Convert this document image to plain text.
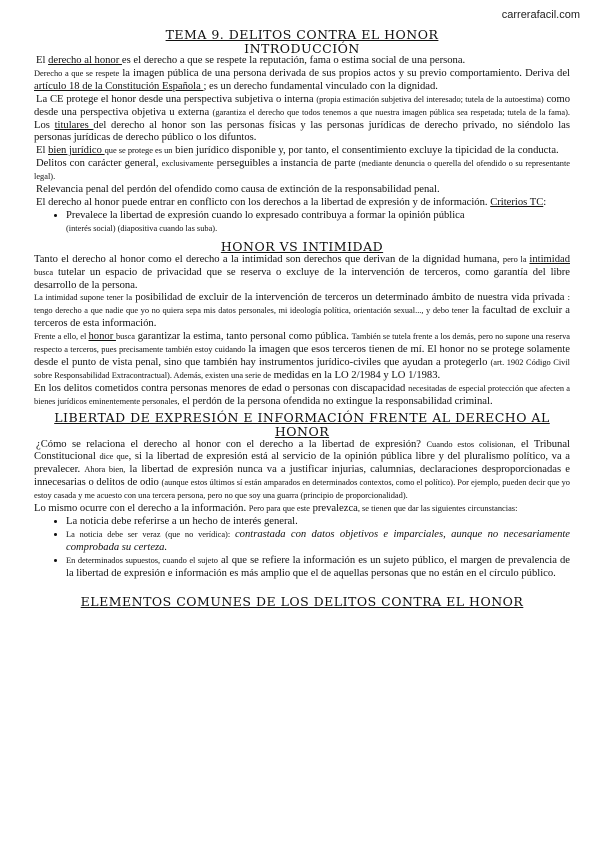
carrerafacil.com
TEMA 9. DELITOS CONTRA EL HONOR
INTRODUCCIÓN

El derecho al honor es el derecho a que se respete la reputación, fama o estima social de una persona.

Derecho a que se respete la imagen pública de una persona derivada de sus propios actos y su previo comportamiento. Deriva del artículo 18 de la Constitución Española ; es un derecho fundamental vinculado con la dignidad.

La CE protege el honor desde una perspectiva subjetiva o interna (propia estimación subjetiva del interesado; tutela de la autoestima) como desde una perspectiva objetiva u externa (garantiza el derecho que todos tenemos a que nuestra imagen pública sea respetada; tutela de la fama). Los titulares del derecho al honor son las personas físicas y las personas jurídicas de derecho privado, no siéndolo las personas jurídicas de derecho público o los difuntos.

El bien jurídico que se protege es un bien jurídico disponible y, por tanto, el consentimiento excluye la tipicidad de la conducta.

Delitos con carácter general, exclusivamente perseguibles a instancia de parte (mediante denuncia o querella del ofendido o su representante legal).

Relevancia penal del perdón del ofendido como causa de extinción de la responsabilidad penal.

El derecho al honor puede entrar en conflicto con los derechos a la libertad de expresión y de información. Criterios TC:

• Prevalece la libertad de expresión cuando lo expresado contribuya a formar la opinión pública
(interés social) (diapositiva cuando las suba).
HONOR VS INTIMIDAD

Tanto el derecho al honor como el derecho a la intimidad son derechos que derivan de la dignidad humana, pero la intimidad busca tutelar un espacio de privacidad que se reserva o excluye de la intervención de terceros, como garantía del libre desarrollo de la persona.

La intimidad supone tener la posibilidad de excluir de la intervención de terceros un determinado ámbito de nuestra vida privada : tengo derecho a que nadie que yo no quiera sepa mis datos personales, mi ideología política, orientación sexual..., y debo tener la facultad de excluir a terceros de esta información.

Frente a ello, el honor busca garantizar la estima, tanto personal como pública. También se tutela frente a los demás, pero no supone una reserva respecto a terceros, pues precisamente también estoy cuidando la imagen que esos terceros tienen de mí. El honor no se protege solamente desde el punto de vista penal, sino que también hay instrumentos jurídico-civiles que ayudan a protegerlo (art. 1902 Código Civil sobre Responsabilidad Extracontractual). Además, existen una serie de medidas en la LO 2/1984 y LO 1/1983.

En los delitos cometidos contra personas menores de edad o personas con discapacidad necesitadas de especial protección que afecten a bienes jurídicos eminentemente personales, el perdón de la persona ofendida no extingue la responsabilidad criminal.

LIBERTAD DE EXPRESIÓN E INFORMACIÓN FRENTE AL DERECHO AL HONOR

¿Cómo se relaciona el derecho al honor con el derecho a la libertad de expresión? Cuando estos colisionan, el Tribunal Constitucional dice que, si la libertad de expresión está al servicio de la opinión pública libre y del pluralismo político, va a prevalecer. Ahora bien, la libertad de expresión nunca va a justificar injurias, calumnias, declaraciones desproporcionadas e innecesarias o delitos de odio (aunque estos últimos sí están amparados en determinados contextos, como el político). Por ejemplo, pueden decir que yo estoy casada y me acuesto con una tercera persona, pero no que soy una guarra (principio de proporcionalidad).

Lo mismo ocurre con el derecho a la información. Pero para que este prevalezca, se tienen que dar las siguientes circunstancias:

• La noticia debe referirse a un hecho de interés general.
• La noticia debe ser veraz (que no verídica): contrastada con datos objetivos e imparciales, aunque no necesariamente comprobada su certeza.
• En determinados supuestos, cuando el sujeto al que se refiere la información es un sujeto público, el margen de prevalencia de la libertad de expresión e información es más amplio que el de aquellas personas que no están en el círculo público.
ELEMENTOS COMUNES DE LOS DELITOS CONTRA EL HONOR
